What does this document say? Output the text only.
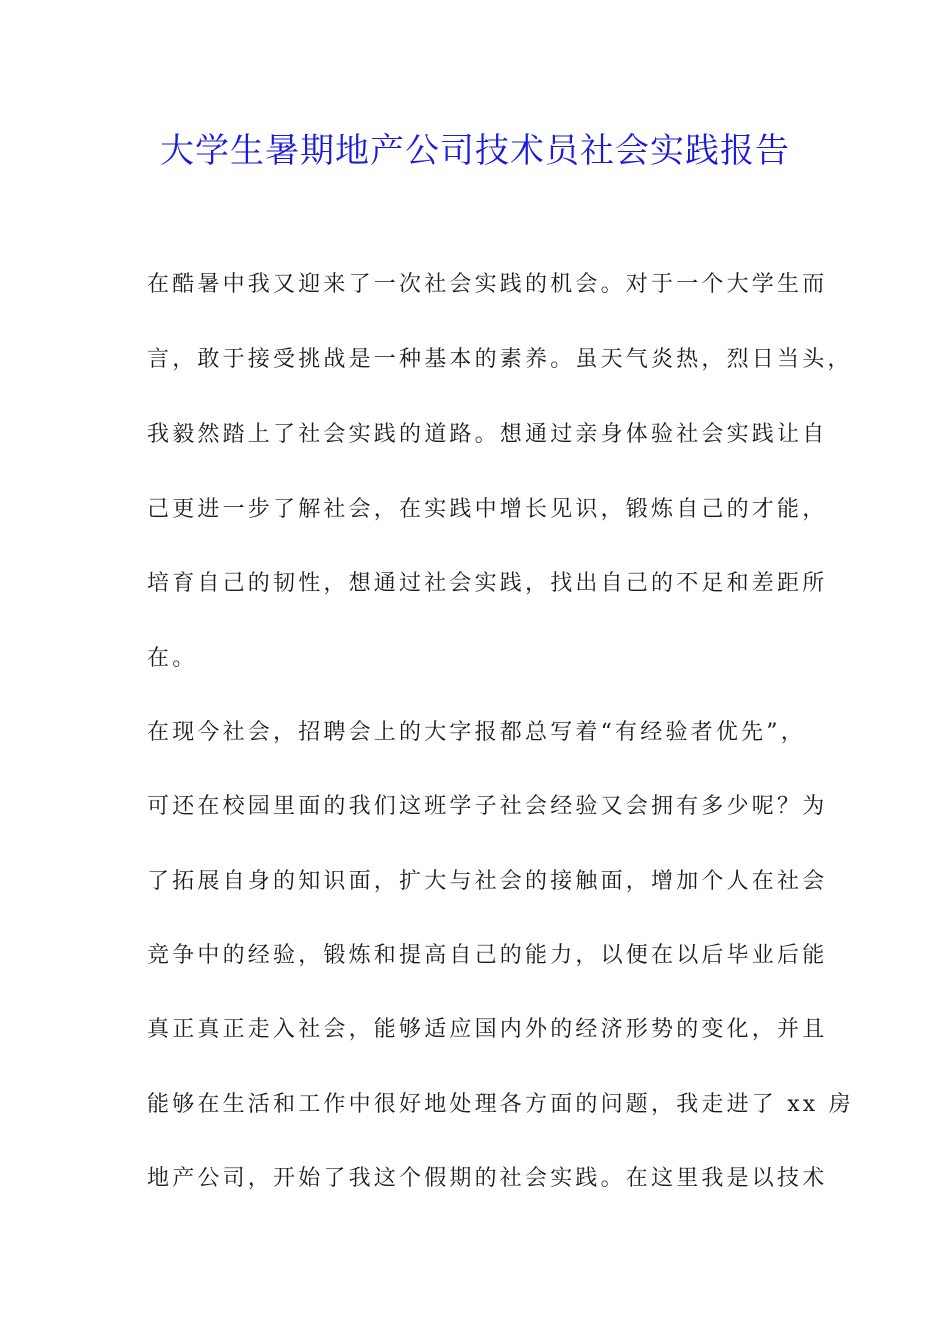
大学生暑期地产公司技术员社会实践报告
在酷暑中我又迎来了一次社会实践的机会。对于一个大学生而
言，敢于接受挑战是一种基本的素养。虽天气炎热，烈日当头，
我毅然踏上了社会实践的道路。想通过亲身体验社会实践让自
己更进一步了解社会，在实践中增长见识，锻炼自己的才能，
培育自己的韧性，想通过社会实践，找出自己的不足和差距所
在。
在现今社会，招聘会上的大字报都总写着“有经验者优先”，
可还在校园里面的我们这班学子社会经验又会拥有多少呢？为
了拓展自身的知识面，扩大与社会的接触面，增加个人在社会
竞争中的经验，锻炼和提高自己的能力，以便在以后毕业后能
真正真正走入社会，能够适应国内外的经济形势的变化，并且
能够在生活和工作中很好地处理各方面的问题，我走进了 xx 房
地产公司，开始了我这个假期的社会实践。在这里我是以技术
